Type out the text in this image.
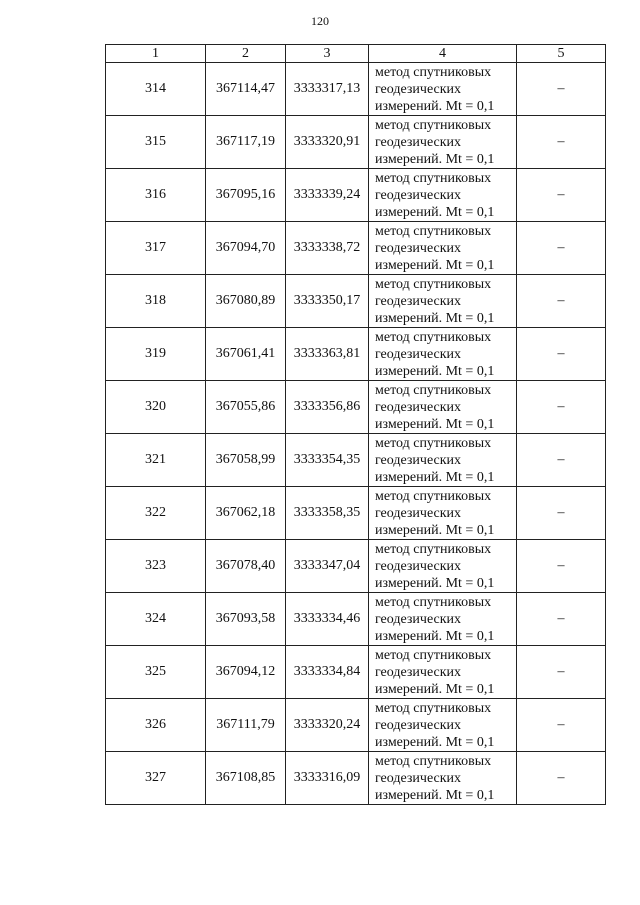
120
1	2	3	4	5
314	367114,47	3333317,13	метод спутниковых геодезических измерений. Mt = 0,1	–
315	367117,19	3333320,91	метод спутниковых геодезических измерений. Mt = 0,1	–
316	367095,16	3333339,24	метод спутниковых геодезических измерений. Mt = 0,1	–
317	367094,70	3333338,72	метод спутниковых геодезических измерений. Mt = 0,1	–
318	367080,89	3333350,17	метод спутниковых геодезических измерений. Mt = 0,1	–
319	367061,41	3333363,81	метод спутниковых геодезических измерений. Mt = 0,1	–
320	367055,86	3333356,86	метод спутниковых геодезических измерений. Mt = 0,1	–
321	367058,99	3333354,35	метод спутниковых геодезических измерений. Mt = 0,1	–
322	367062,18	3333358,35	метод спутниковых геодезических измерений. Mt = 0,1	–
323	367078,40	3333347,04	метод спутниковых геодезических измерений. Mt = 0,1	–
324	367093,58	3333334,46	метод спутниковых геодезических измерений. Mt = 0,1	–
325	367094,12	3333334,84	метод спутниковых геодезических измерений. Mt = 0,1	–
326	367111,79	3333320,24	метод спутниковых геодезических измерений. Mt = 0,1	–
327	367108,85	3333316,09	метод спутниковых геодезических измерений. Mt = 0,1	–
